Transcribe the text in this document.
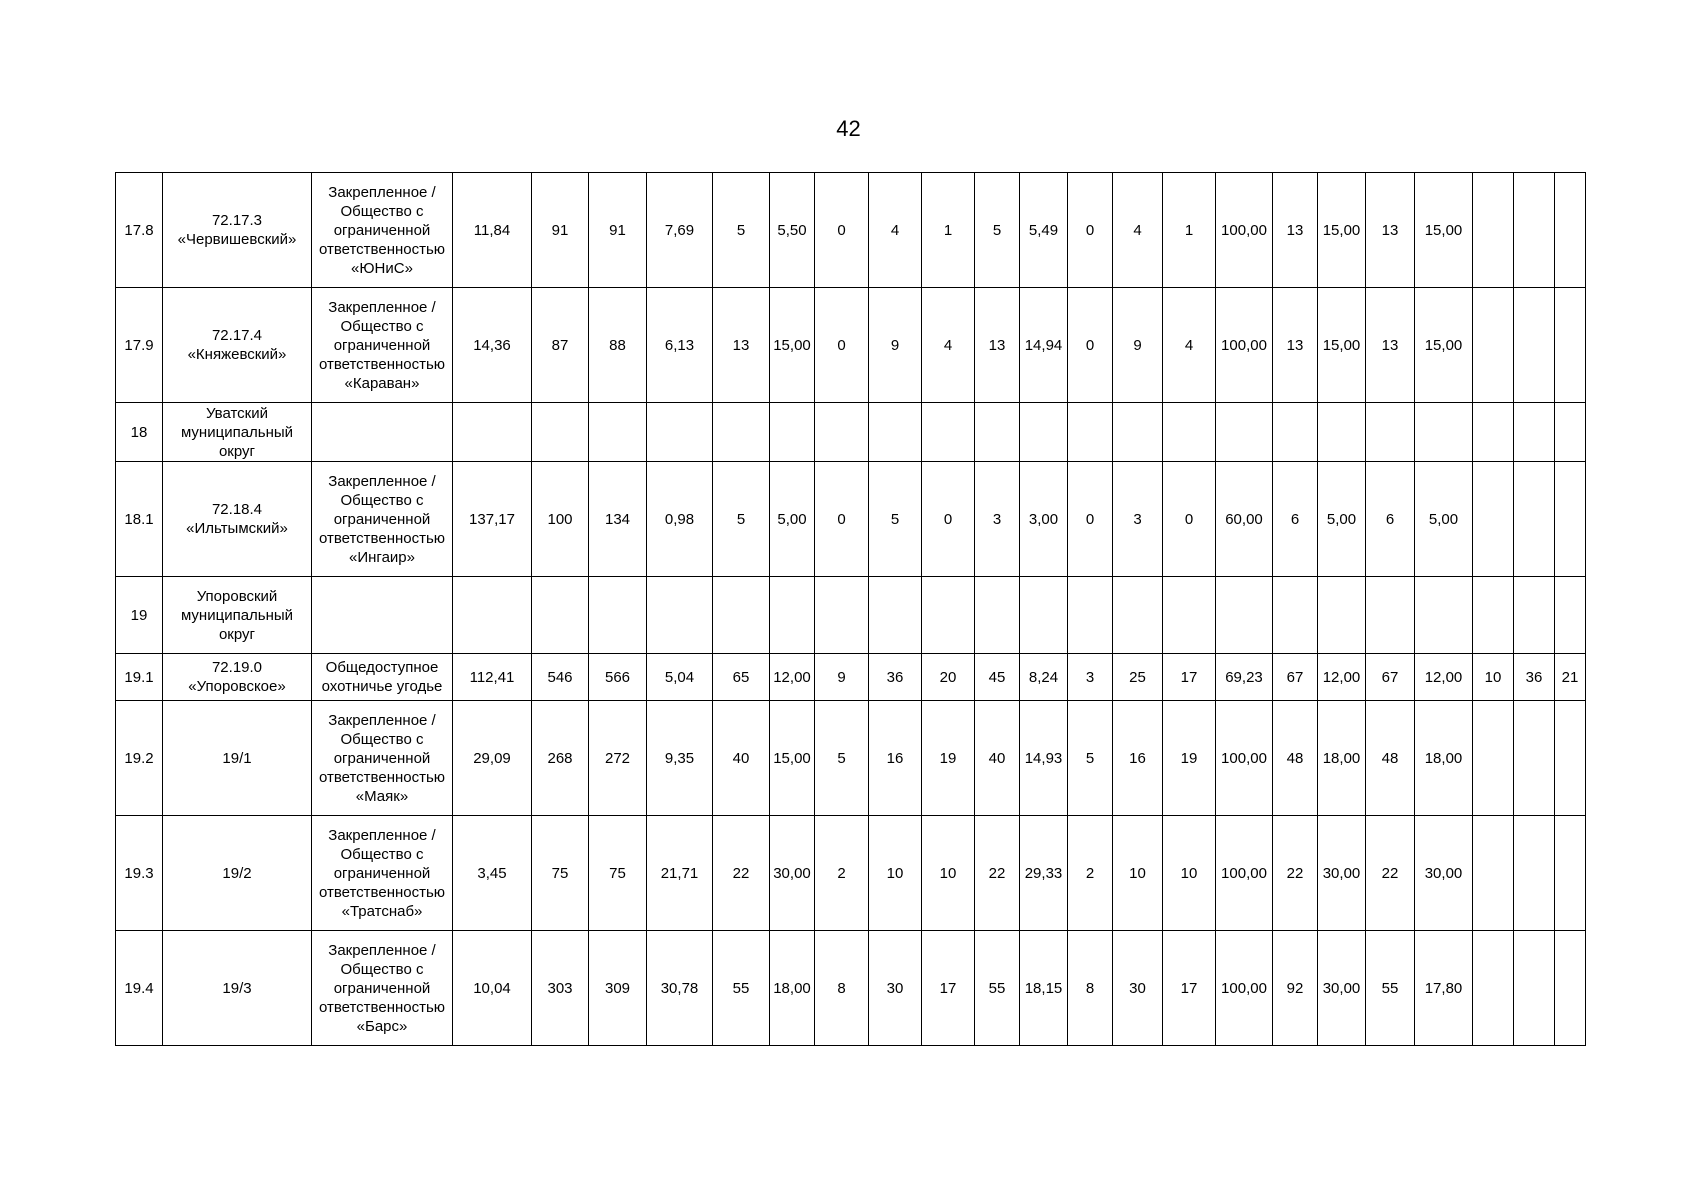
42
17.8	72.17.3 «Червишевский»	Закрепленное / Общество с ограниченной ответственностью «ЮНиС»	11,84	91	91	7,69	5	5,50	0	4	1	5	5,49	0	4	1	100,00	13	15,00	13	15,00			
17.9	72.17.4 «Княжевский»	Закрепленное / Общество с ограниченной ответственностью «Караван»	14,36	87	88	6,13	13	15,00	0	9	4	13	14,94	0	9	4	100,00	13	15,00	13	15,00			
18	Уватский муниципальный округ																							
18.1	72.18.4 «Ильтымский»	Закрепленное / Общество с ограниченной ответственностью «Ингаир»	137,17	100	134	0,98	5	5,00	0	5	0	3	3,00	0	3	0	60,00	6	5,00	6	5,00			
19	Упоровский муниципальный округ																							
19.1	72.19.0 «Упоровское»	Общедоступное охотничье угодье	112,41	546	566	5,04	65	12,00	9	36	20	45	8,24	3	25	17	69,23	67	12,00	67	12,00	10	36	21
19.2	19/1	Закрепленное / Общество с ограниченной ответственностью «Маяк»	29,09	268	272	9,35	40	15,00	5	16	19	40	14,93	5	16	19	100,00	48	18,00	48	18,00			
19.3	19/2	Закрепленное / Общество с ограниченной ответственностью «Тратснаб»	3,45	75	75	21,71	22	30,00	2	10	10	22	29,33	2	10	10	100,00	22	30,00	22	30,00			
19.4	19/3	Закрепленное / Общество с ограниченной ответственностью «Барс»	10,04	303	309	30,78	55	18,00	8	30	17	55	18,15	8	30	17	100,00	92	30,00	55	17,80			
